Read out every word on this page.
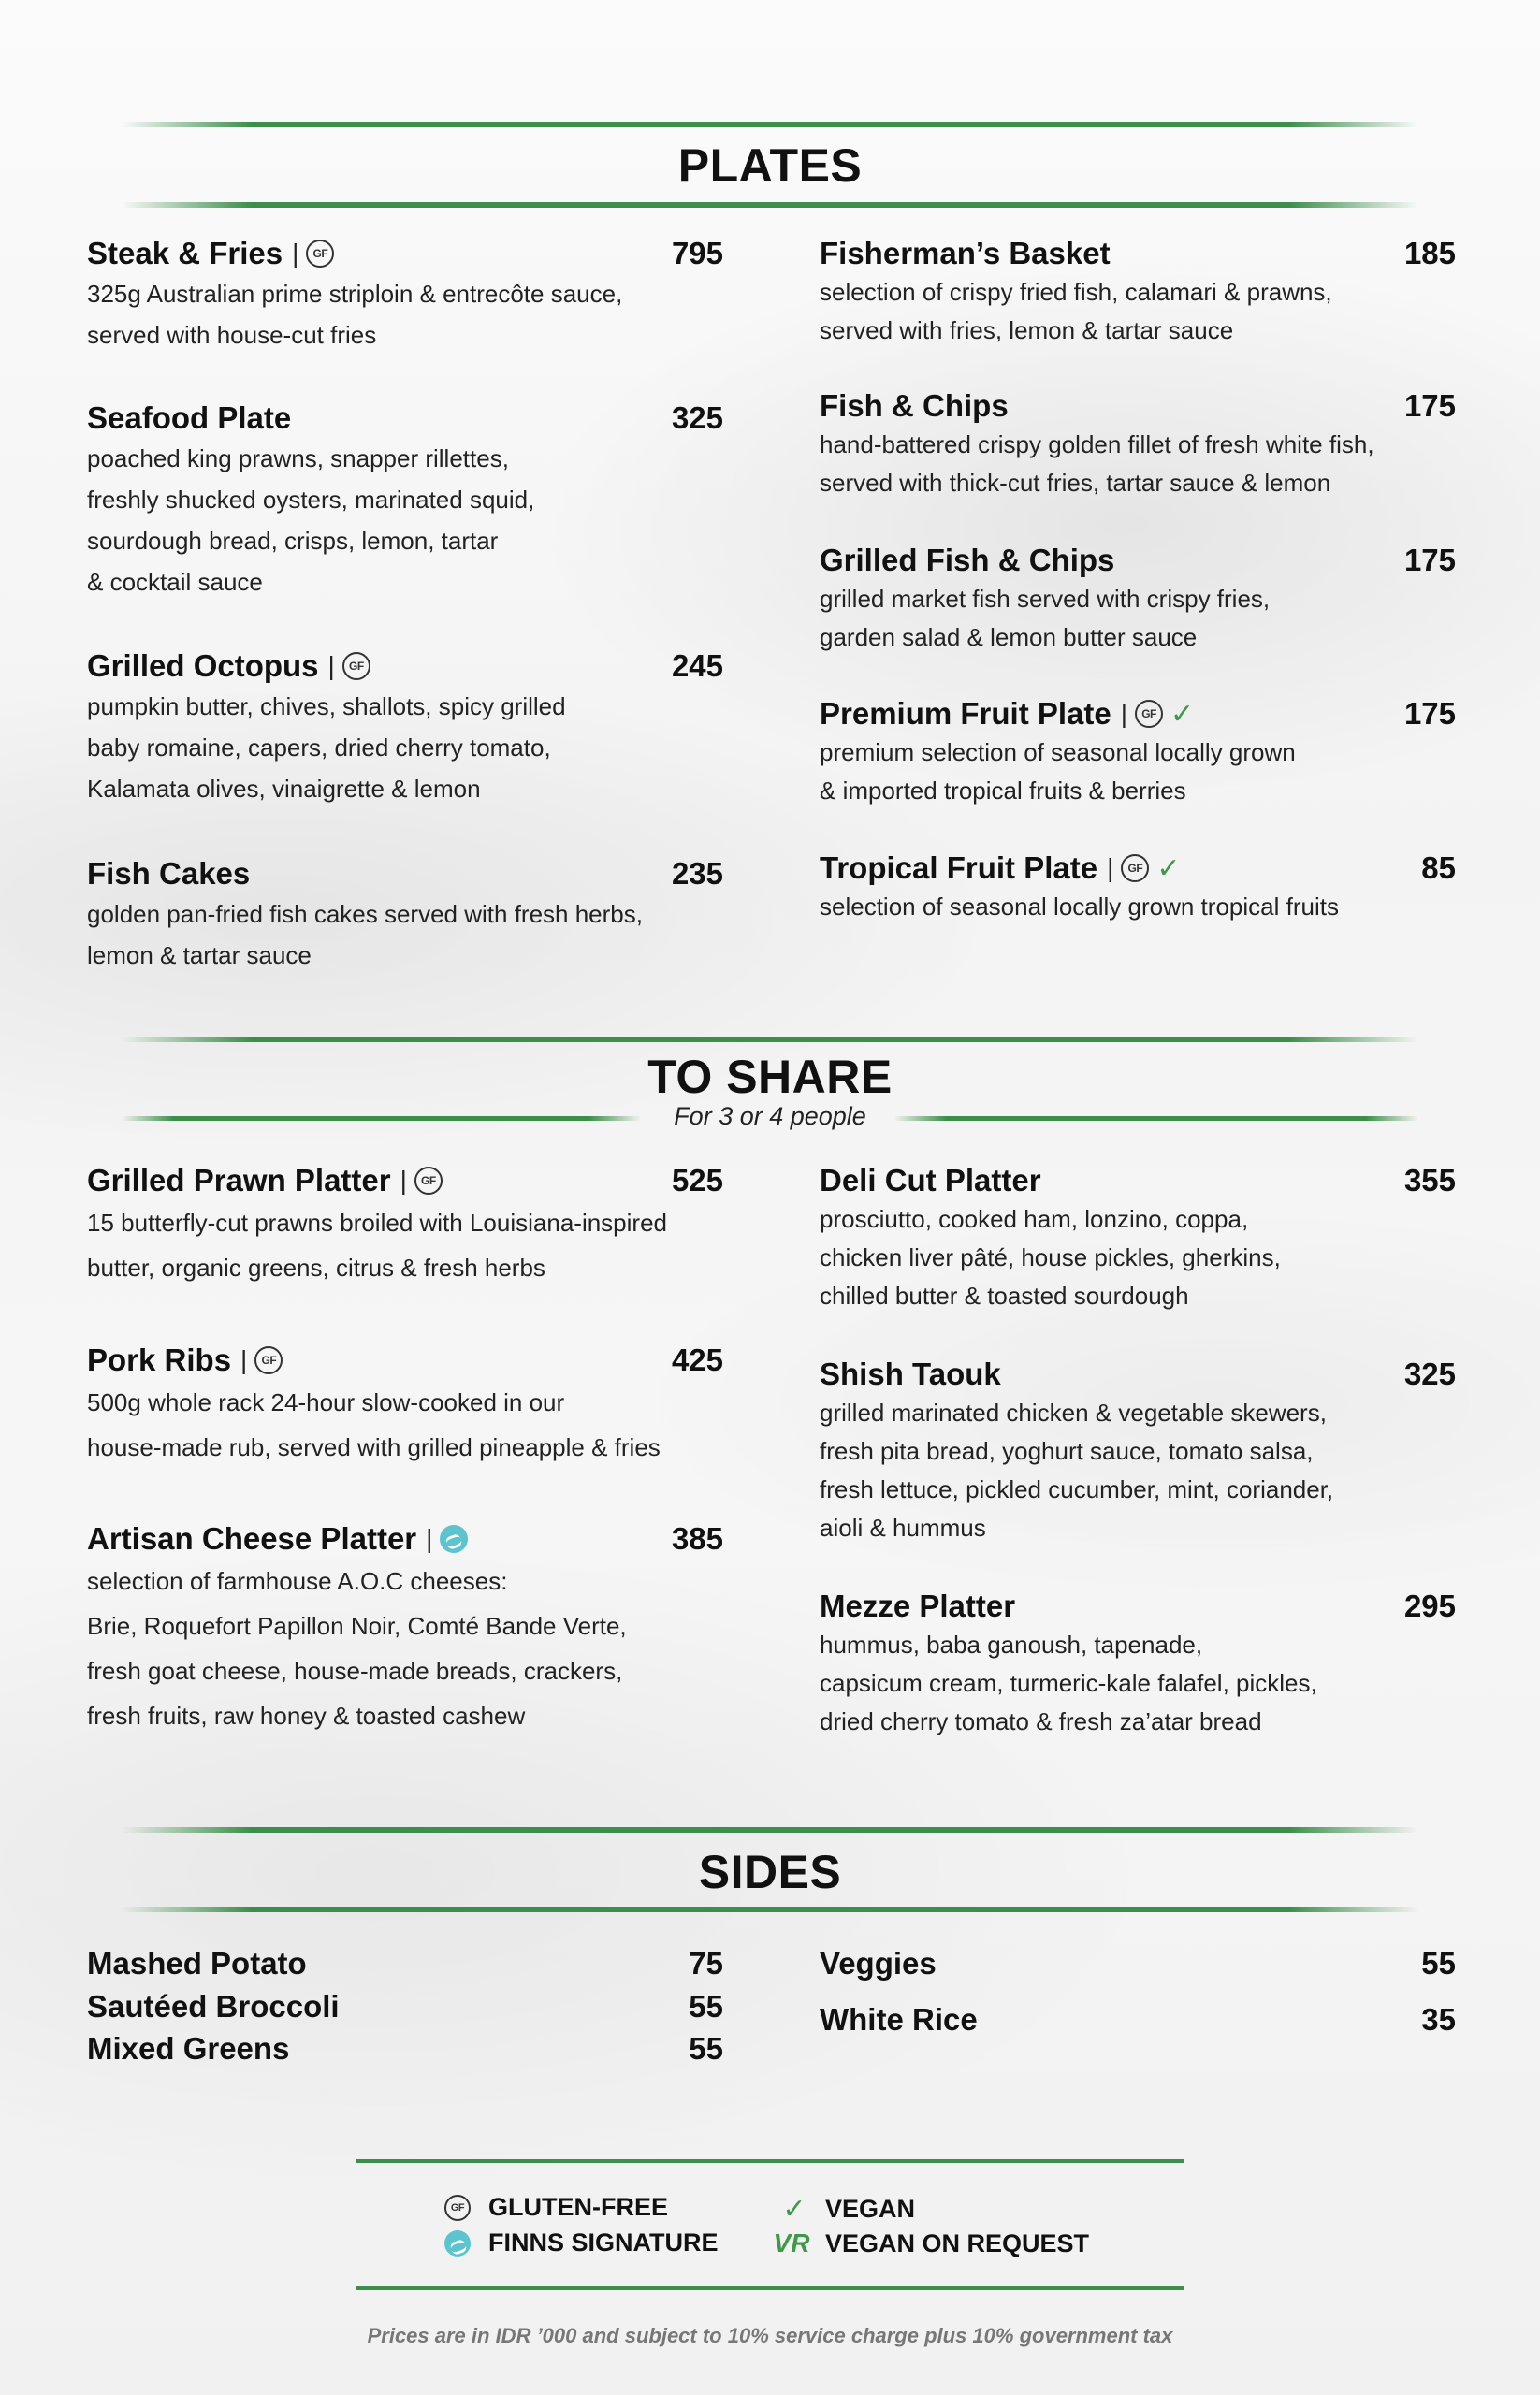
PLATES
Steak & Fries |	GF	795
325g Australian prime striploin & entrecôte sauce,
served with house-cut fries
Seafood Plate	325
poached king prawns, snapper rillettes,
freshly shucked oysters, marinated squid,
sourdough bread, crisps, lemon, tartar
& cocktail sauce
Grilled Octopus |	GF	245
pumpkin butter, chives, shallots, spicy grilled
baby romaine, capers, dried cherry tomato,
Kalamata olives, vinaigrette & lemon
Fish Cakes	235
golden pan-fried fish cakes served with fresh herbs,
lemon & tartar sauce
Fisherman’s Basket	185
selection of crispy fried fish, calamari & prawns,
served with fries, lemon & tartar sauce
Fish & Chips	175
hand-battered crispy golden fillet of fresh white fish,
served with thick-cut fries, tartar sauce & lemon
Grilled Fish & Chips	175
grilled market fish served with crispy fries,
garden salad & lemon butter sauce
Premium Fruit Plate |	GF ✓	175
premium selection of seasonal locally grown
& imported tropical fruits & berries
Tropical Fruit Plate |	GF ✓	85
selection of seasonal locally grown tropical fruits
TO SHARE
For 3 or 4 people
Grilled Prawn Platter |	GF	525
15 butterfly-cut prawns broiled with Louisiana-inspired
butter, organic greens, citrus & fresh herbs
Pork Ribs |	GF	425
500g whole rack 24-hour slow-cooked in our
house-made rub, served with grilled pineapple & fries
Artisan Cheese Platter |	385
selection of farmhouse A.O.C cheeses:
Brie, Roquefort Papillon Noir, Comté Bande Verte,
fresh goat cheese, house-made breads, crackers,
fresh fruits, raw honey & toasted cashew
Deli Cut Platter	355
prosciutto, cooked ham, lonzino, coppa,
chicken liver pâté, house pickles, gherkins,
chilled butter & toasted sourdough
Shish Taouk	325
grilled marinated chicken & vegetable skewers,
fresh pita bread, yoghurt sauce, tomato salsa,
fresh lettuce, pickled cucumber, mint, coriander,
aioli & hummus
Mezze Platter	295
hummus, baba ganoush, tapenade,
capsicum cream, turmeric-kale falafel, pickles,
dried cherry tomato & fresh za’atar bread
SIDES
Mashed Potato	75
Sautéed Broccoli	55
Mixed Greens	55
Veggies	55
White Rice	35
GF GLUTEN-FREE
FINNS SIGNATURE
✓ VEGAN
VR VEGAN ON REQUEST
Prices are in IDR ’000 and subject to 10% service charge plus 10% government tax
